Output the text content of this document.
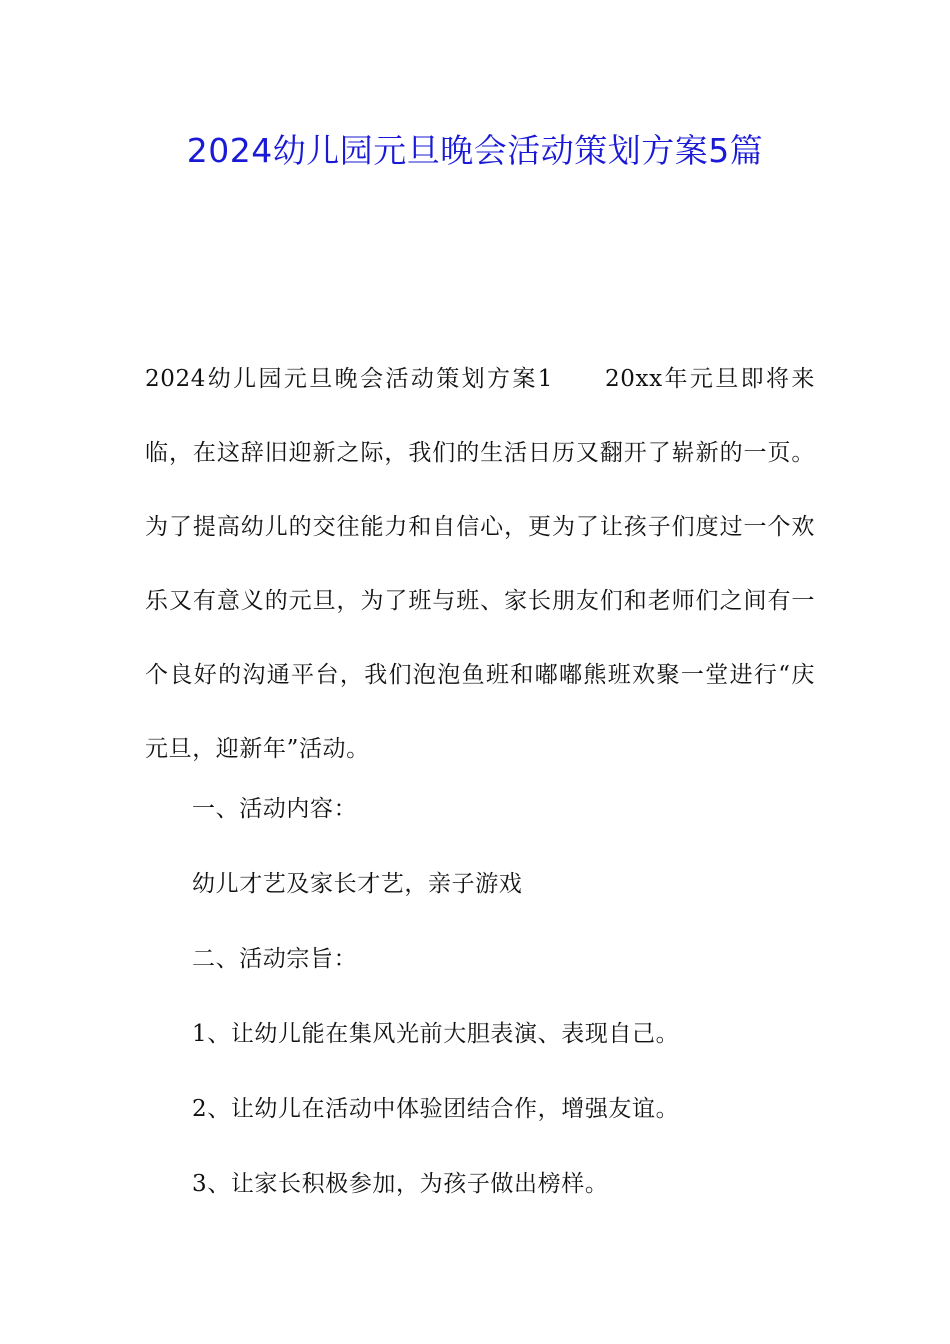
2024幼儿园元旦晚会活动策划方案5篇

2024幼儿园元旦晚会活动策划方案1 20xx年元旦即将来临，在这辞旧迎新之际，我们的生活日历又翻开了崭新的一页。为了提高幼儿的交往能力和自信心，更为了让孩子们度过一个欢乐又有意义的元旦，为了班与班、家长朋友们和老师们之间有一个良好的沟通平台，我们泡泡鱼班和嘟嘟熊班欢聚一堂进行“庆元旦，迎新年”活动。

一、活动内容：

幼儿才艺及家长才艺，亲子游戏

二、活动宗旨：

1、让幼儿能在集风光前大胆表演、表现自己。

2、让幼儿在活动中体验团结合作，增强友谊。

3、让家长积极参加，为孩子做出榜样。
